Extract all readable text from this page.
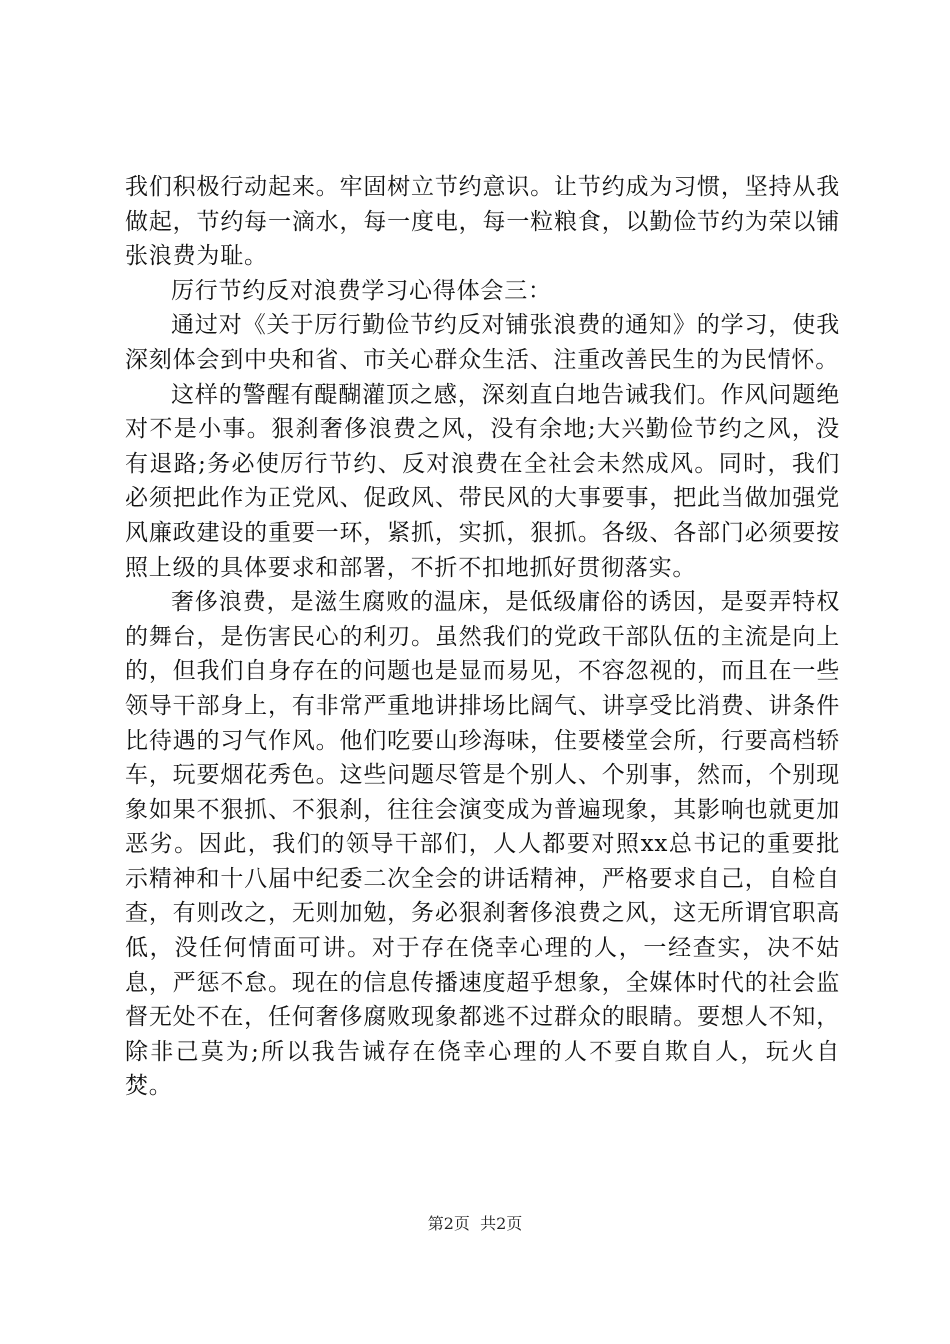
我们积极行动起来。牢固树立节约意识。让节约成为习惯，坚持从我做起，节约每一滴水，每一度电，每一粒粮食，以勤俭节约为荣以铺张浪费为耻。

厉行节约反对浪费学习心得体会三：

通过对《关于厉行勤俭节约反对铺张浪费的通知》的学习，使我深刻体会到中央和省、市关心群众生活、注重改善民生的为民情怀。

这样的警醒有醍醐灌顶之感，深刻直白地告诫我们。作风问题绝对不是小事。狠刹奢侈浪费之风，没有余地;大兴勤俭节约之风，没有退路;务必使厉行节约、反对浪费在全社会未然成风。同时，我们必须把此作为正党风、促政风、带民风的大事要事，把此当做加强党风廉政建设的重要一环，紧抓，实抓，狠抓。各级、各部门必须要按照上级的具体要求和部署，不折不扣地抓好贯彻落实。

奢侈浪费，是滋生腐败的温床，是低级庸俗的诱因，是耍弄特权的舞台，是伤害民心的利刃。虽然我们的党政干部队伍的主流是向上的，但我们自身存在的问题也是显而易见，不容忽视的，而且在一些领导干部身上，有非常严重地讲排场比阔气、讲享受比消费、讲条件比待遇的习气作风。他们吃要山珍海味，住要楼堂会所，行要高档轿车，玩要烟花秀色。这些问题尽管是个别人、个别事，然而，个别现象如果不狠抓、不狠刹，往往会演变成为普遍现象，其影响也就更加恶劣。因此，我们的领导干部们，人人都要对照xx总书记的重要批示精神和十八届中纪委二次全会的讲话精神，严格要求自己，自检自查，有则改之，无则加勉，务必狠刹奢侈浪费之风，这无所谓官职高低，没任何情面可讲。对于存在侥幸心理的人，一经查实，决不姑息，严惩不怠。现在的信息传播速度超乎想象，全媒体时代的社会监督无处不在，任何奢侈腐败现象都逃不过群众的眼睛。要想人不知，除非己莫为;所以我告诫存在侥幸心理的人不要自欺自人，玩火自焚。

第2页  共2页
